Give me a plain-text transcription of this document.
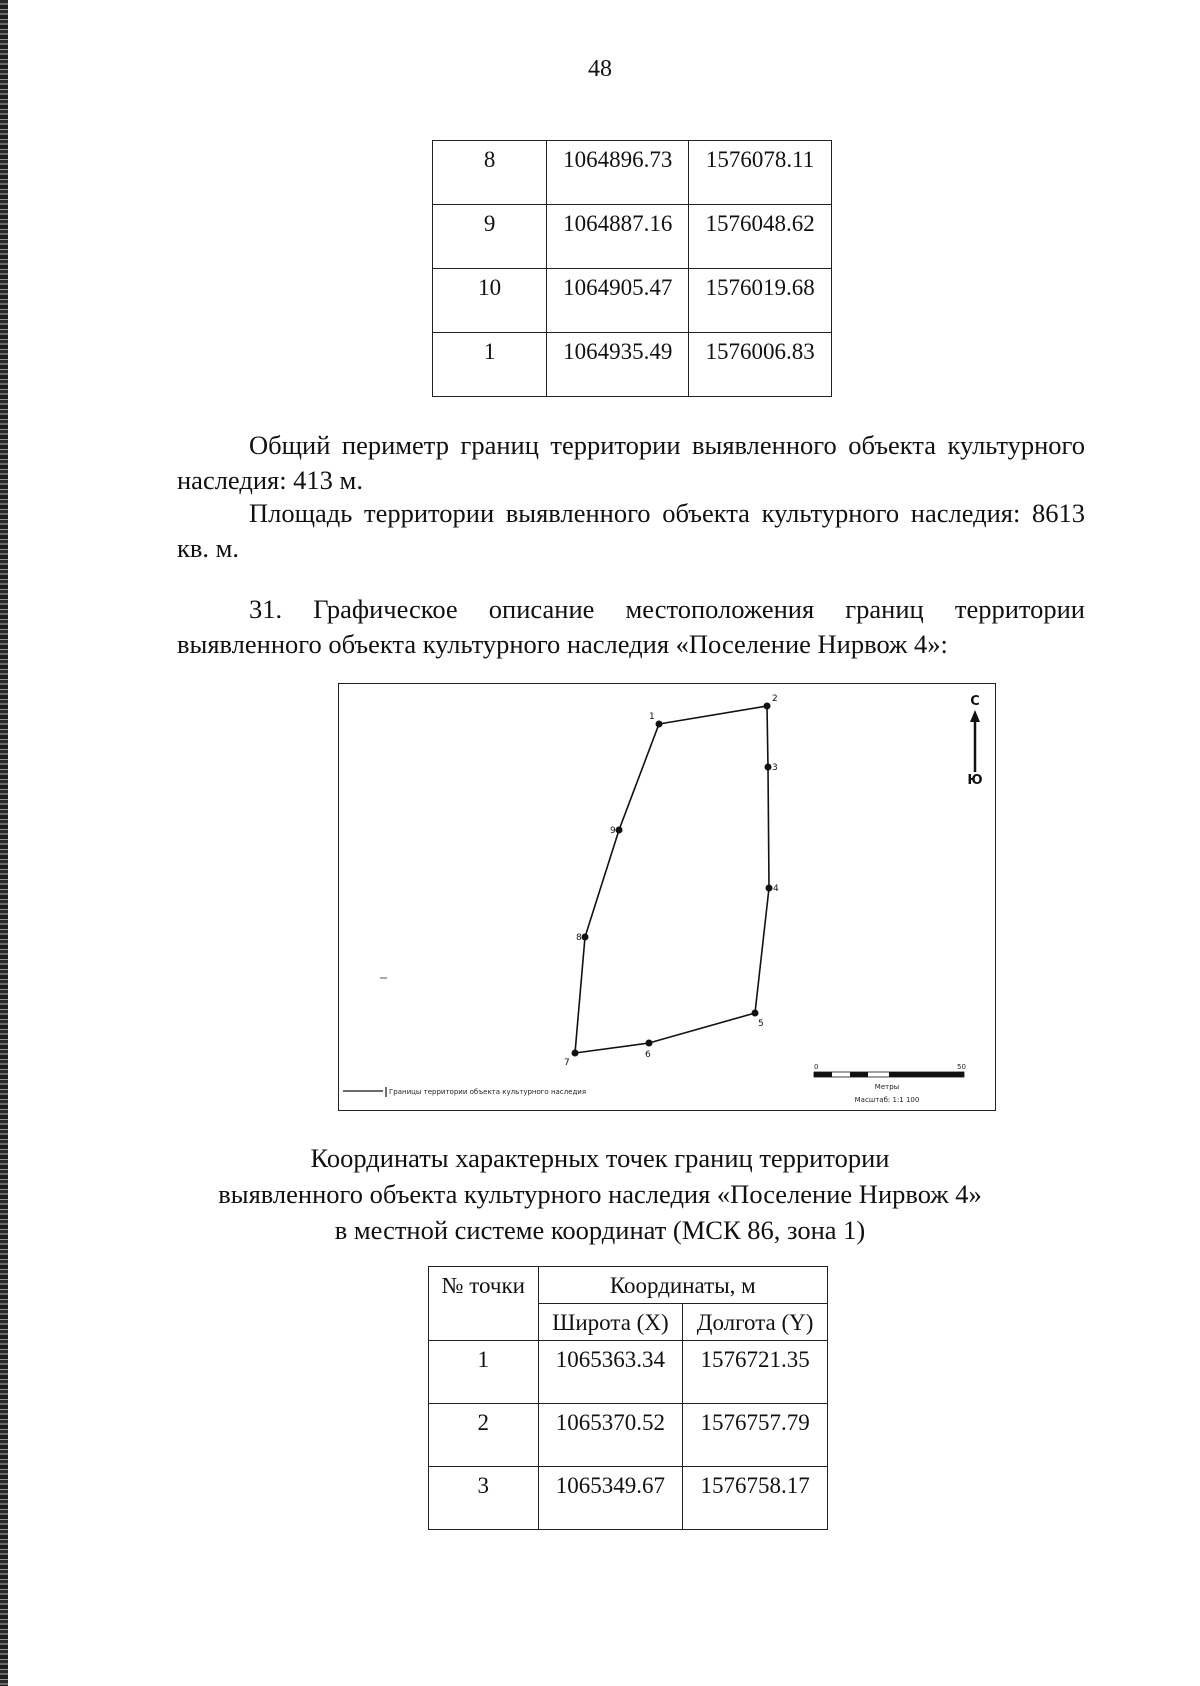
48
8	1064896.73	1576078.11
9	1064887.16	1576048.62
10	1064905.47	1576019.68
1	1064935.49	1576006.83
Общий периметр границ территории выявленного объекта культурного наследия: 413 м.
Площадь территории выявленного объекта культурного наследия: 8613 кв. м.
31. Графическое описание местоположения границ территории выявленного объекта культурного наследия «Поселение Нирвож 4»:
1
2
3
4
5
6
7
8
9
С
Ю
Границы территории объекта культурного наследия
0	50
Метры
Масштаб: 1:1 100
Координаты характерных точек границ территории
выявленного объекта культурного наследия «Поселение Нирвож 4»
в местной системе координат (МСК 86, зона 1)
№ точки	Координаты, м	
	Широта (X)	Долгота (Y)
1	1065363.34	1576721.35
2	1065370.52	1576757.79
3	1065349.67	1576758.17
